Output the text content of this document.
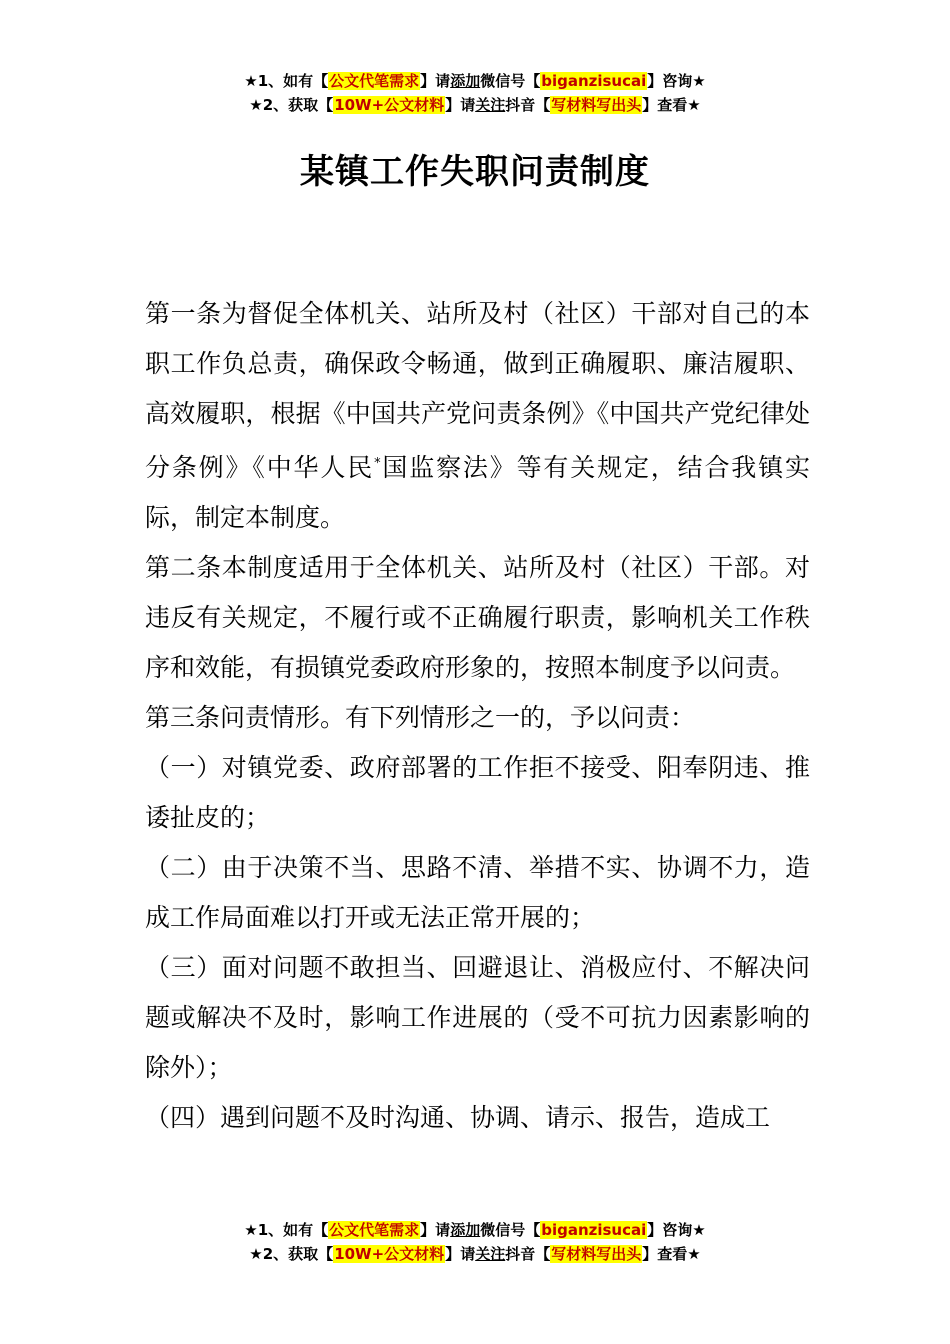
★1、如有【公文代笔需求】请添加微信号【biganzisucai】咨询★
★2、获取【10W+公文材料】请关注抖音【写材料写出头】查看★
某镇工作失职问责制度

第一条为督促全体机关、站所及村（社区）干部对自己的本职工作负总责，确保政令畅通，做到正确履职、廉洁履职、高效履职，根据《中国共产党问责条例》《中国共产党纪律处分条例》《中华人民*国监察法》等有关规定，结合我镇实际，制定本制度。

第二条本制度适用于全体机关、站所及村（社区）干部。对违反有关规定，不履行或不正确履行职责，影响机关工作秩序和效能，有损镇党委政府形象的，按照本制度予以问责。

第三条问责情形。有下列情形之一的，予以问责：

（一）对镇党委、政府部署的工作拒不接受、阳奉阴违、推诿扯皮的；

（二）由于决策不当、思路不清、举措不实、协调不力，造成工作局面难以打开或无法正常开展的；

（三）面对问题不敢担当、回避退让、消极应付、不解决问题或解决不及时，影响工作进展的（受不可抗力因素影响的除外）；

（四）遇到问题不及时沟通、协调、请示、报告，造成工

★1、如有【公文代笔需求】请添加微信号【biganzisucai】咨询★
★2、获取【10W+公文材料】请关注抖音【写材料写出头】查看★
